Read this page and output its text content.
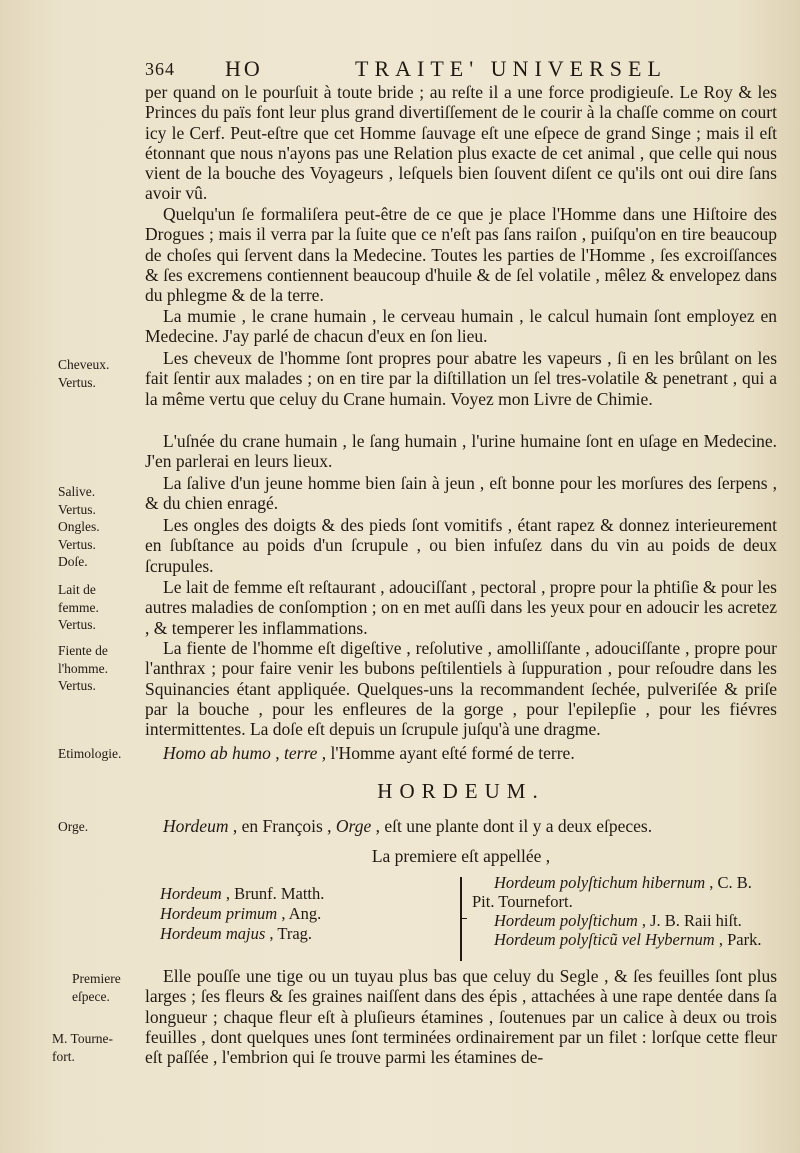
364 HO	TRAITE' UNIVERSEL

per quand on le pourſuit à toute bride ; au reſte il a une force prodigieuſe. Le Roy & les Princes du païs font leur plus grand divertiſſement de le courir à la chaſſe comme on court icy le Cerf. Peut-eſtre que cet Homme ſauvage eſt une eſpece de grand Singe ; mais il eſt étonnant que nous n'ayons pas une Relation plus exacte de cet animal , que celle qui nous vient de la bouche des Voyageurs , leſquels bien ſouvent diſent ce qu'ils ont oui dire ſans avoir vû.

Quelqu'un ſe formaliſera peut-être de ce que je place l'Homme dans une Hiſtoire des Drogues ; mais il verra par la ſuite que ce n'eſt pas ſans raiſon , puiſqu'on en tire beaucoup de choſes qui ſervent dans la Medecine. Toutes les parties de l'Homme , ſes excroiſſances & ſes excremens contiennent beaucoup d'huile & de ſel volatile , mêlez & envelopez dans du phlegme & de la terre.

La mumie , le crane humain , le cerveau humain , le calcul humain ſont employez en Medecine. J'ay parlé de chacun d'eux en ſon lieu.

Les cheveux de l'homme ſont propres pour abatre les vapeurs , ſi en les brûlant on les fait ſentir aux malades ; on en tire par la diſtillation un ſel tres-volatile & penetrant , qui a la même vertu que celuy du Crane humain. Voyez mon Livre de Chimie.

L'uſnée du crane humain , le ſang humain , l'urine humaine ſont en uſage en Medecine. J'en parlerai en leurs lieux.

La ſalive d'un jeune homme bien ſain à jeun , eſt bonne pour les morſures des ſerpens , & du chien enragé.

Les ongles des doigts & des pieds ſont vomitifs , étant rapez & donnez interieurement en ſubſtance au poids d'un ſcrupule , ou bien infuſez dans du vin au poids de deux ſcrupules.

Le lait de femme eſt reſtaurant , adouciſſant , pectoral , propre pour la phtiſie & pour les autres maladies de conſomption ; on en met auſſi dans les yeux pour en adoucir les acretez , & temperer les inflammations.

La fiente de l'homme eſt digeſtive , reſolutive , amolliſſante , adouciſſante , propre pour l'anthrax ; pour faire venir les bubons peſtilentiels à ſuppuration , pour reſoudre dans les Squinancies étant appliquée. Quelques-uns la recommandent ſechée, pulveriſée & priſe par la bouche , pour les enfleures de la gorge , pour l'epilepſie , pour les fiévres intermittentes. La doſe eſt depuis un ſcrupule juſqu'à une dragme.

Homo ab humo , terre , l'Homme ayant eſté formé de terre.

HORDEUM.

Hordeum , en François , Orge , eſt une plante dont il y a deux eſpeces.

La premiere eſt appellée ,
Hordeum , Brunf. Matth.
Hordeum primum , Ang.
Hordeum majus , Trag.
Hordeum polyſtichum hibernum , C. B.
Pit. Tournefort.
Hordeum polyſtichum , J. B. Raii hiſt.
Hordeum polyſticũ vel Hybernum , Park.

Elle pouſſe une tige ou un tuyau plus bas que celuy du Segle , & ſes feuilles ſont plus larges ; ſes fleurs & ſes graines naiſſent dans des épis , attachées à une rape dentée dans ſa longueur ; chaque fleur eſt à pluſieurs étamines , ſoutenues par un calice à deux ou trois feuilles , dont quelques unes ſont terminées ordinairement par un filet : lorſque cette fleur eſt paſſée , l'embrion qui ſe trouve parmi les étamines de-

Cheveux.
Vertus.
Salive.
Vertus.
Ongles.
Vertus.
Doſe.
Lait de
femme.
Vertus.
Fiente de
l'homme.
Vertus.
Etimologie.
Orge.
Premiere
eſpece.
M. Tourne-
fort.
